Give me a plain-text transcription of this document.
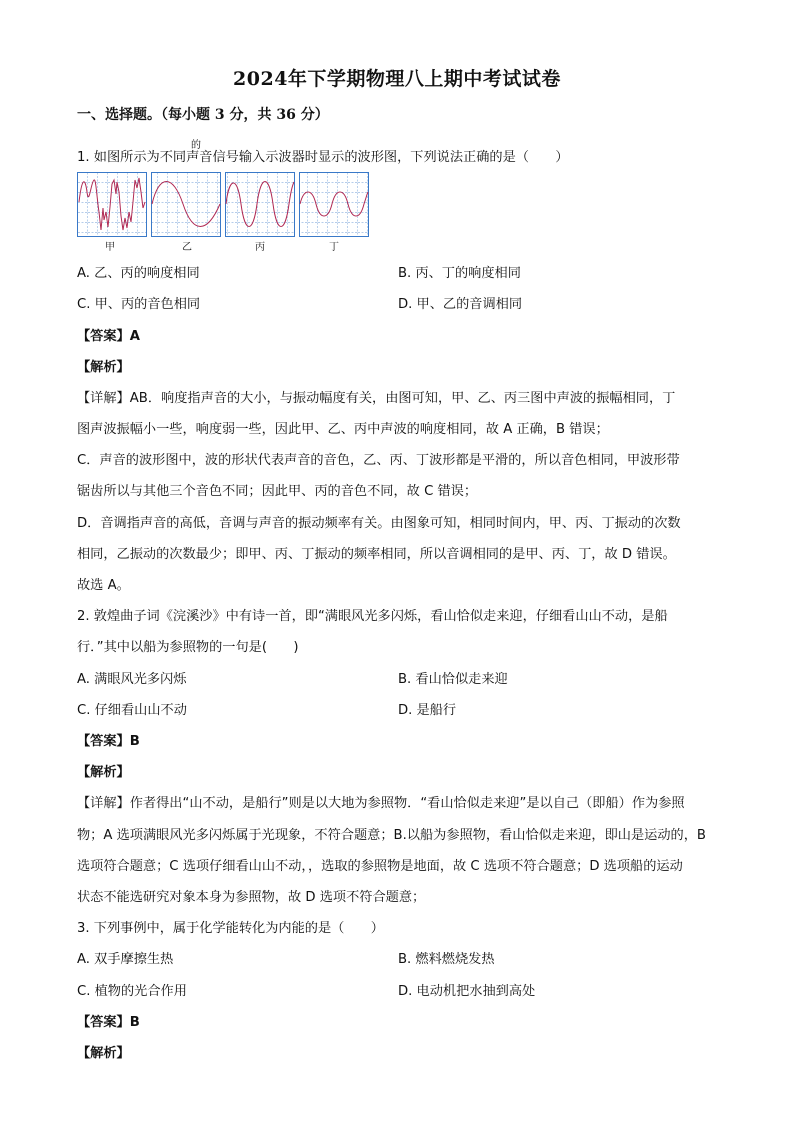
2024年下学期物理八上期中考试试卷
一、选择题。（每小题 3 分，共 36 分）
1. 如图所示为不同声音信号输入示波器时显示的波形图，下列说法正确的是（　　）
的
甲	乙	丙	丁
A. 乙、丙的响度相同	B. 丙、丁的响度相同
C. 甲、丙的音色相同	D. 甲、乙的音调相同
【答案】A
【解析】
【详解】AB．响度指声音的大小，与振动幅度有关，由图可知，甲、乙、丙三图中声波的振幅相同，丁
图声波振幅小一些，响度弱一些，因此甲、乙、丙中声波的响度相同，故 A 正确，B 错误；
C．声音的波形图中，波的形状代表声音的音色，乙、丙、丁波形都是平滑的，所以音色相同，甲波形带
锯齿所以与其他三个音色不同；因此甲、丙的音色不同，故 C 错误；
D．音调指声音的高低，音调与声音的振动频率有关。由图象可知，相同时间内，甲、丙、丁振动的次数
相同，乙振动的次数最少；即甲、丙、丁振动的频率相同，所以音调相同的是甲、丙、丁，故 D 错误。
故选 A。
2. 敦煌曲子词《浣溪沙》中有诗一首，即“满眼风光多闪烁，看山恰似走来迎，仔细看山山不动，是船
行．”其中以船为参照物的一句是(　　)
A. 满眼风光多闪烁	B. 看山恰似走来迎
C. 仔细看山山不动	D. 是船行
【答案】B
【解析】
【详解】作者得出“山不动，是船行”则是以大地为参照物．“看山恰似走来迎”是以自己（即船）作为参照
物；A 选项满眼风光多闪烁属于光现象，不符合题意；B.以船为参照物，看山恰似走来迎，即山是运动的，B
选项符合题意；C 选项仔细看山山不动，，选取的参照物是地面，故 C 选项不符合题意；D 选项船的运动
状态不能选研究对象本身为参照物，故 D 选项不符合题意；
3. 下列事例中，属于化学能转化为内能的是（　　）
A. 双手摩擦生热	B. 燃料燃烧发热
C. 植物的光合作用	D. 电动机把水抽到高处
【答案】B
【解析】
